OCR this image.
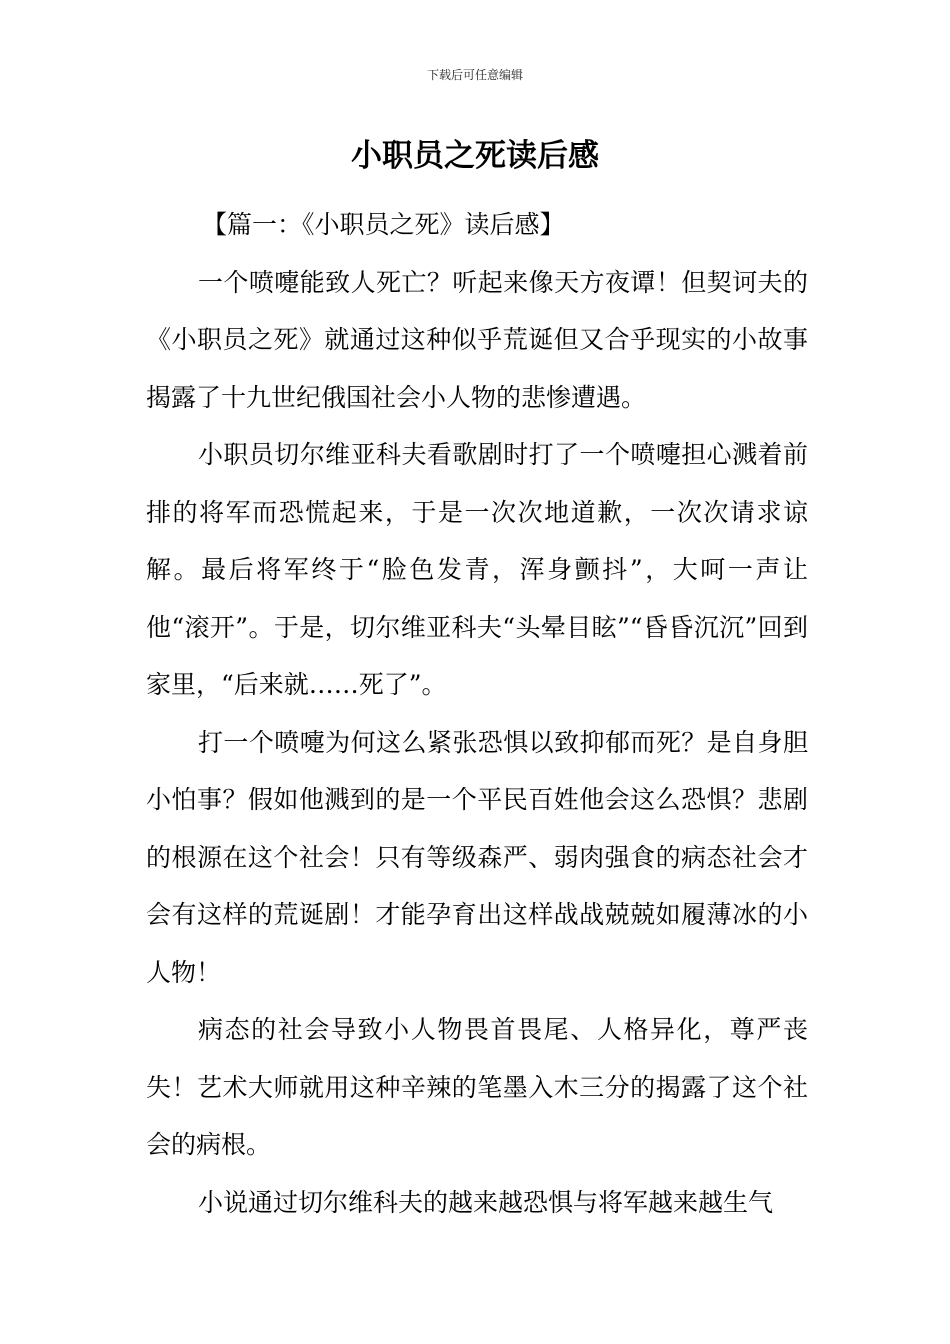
下载后可任意编辑
小职员之死读后感

【篇一：《小职员之死》读后感】

一个喷嚏能致人死亡？听起来像天方夜谭！但契诃夫的《小职员之死》就通过这种似乎荒诞但又合乎现实的小故事揭露了十九世纪俄国社会小人物的悲惨遭遇。

小职员切尔维亚科夫看歌剧时打了一个喷嚏担心溅着前排的将军而恐慌起来，于是一次次地道歉，一次次请求谅解。最后将军终于“脸色发青，浑身颤抖”，大呵一声让他“滚开”。于是，切尔维亚科夫“头晕目眩”“昏昏沉沉”回到家里，“后来就……死了”。

打一个喷嚏为何这么紧张恐惧以致抑郁而死？是自身胆小怕事？假如他溅到的是一个平民百姓他会这么恐惧？悲剧的根源在这个社会！只有等级森严、弱肉强食的病态社会才会有这样的荒诞剧！才能孕育出这样战战兢兢如履薄冰的小人物！

病态的社会导致小人物畏首畏尾、人格异化，尊严丧失！艺术大师就用这种辛辣的笔墨入木三分的揭露了这个社会的病根。

小说通过切尔维科夫的越来越恐惧与将军越来越生气
